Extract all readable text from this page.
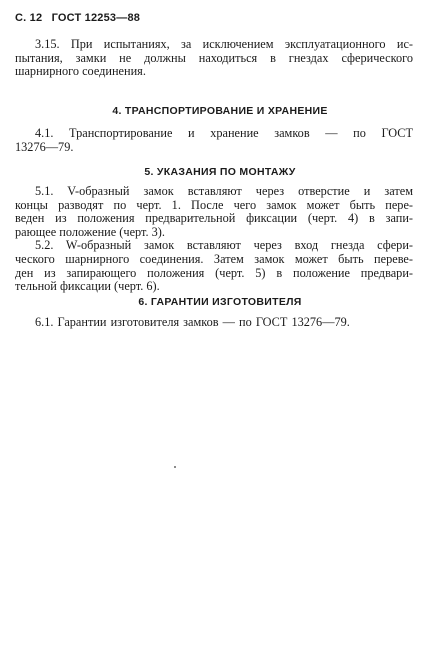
С. 12 ГОСТ 12253—88
3.15. При испытаниях, за исключением эксплуатационного ис-
пытания, замки не должны находиться в гнездах сферического
шарнирного соединения.
4. ТРАНСПОРТИРОВАНИЕ И ХРАНЕНИЕ
4.1. Транспортирование и хранение замков — по ГОСТ
13276—79.
5. УКАЗАНИЯ ПО МОНТАЖУ
5.1. V-образный замок вставляют через отверстие и затем
концы разводят по черт. 1. После чего замок может быть пере-
веден из положения предварительной фиксации (черт. 4) в запи-
рающее положение (черт. 3).
5.2. W-образный замок вставляют через вход гнезда сфери-
ческого шарнирного соединения. Затем замок может быть переве-
ден из запирающего положения (черт. 5) в положение предвари-
тельной фиксации (черт. 6).
6. ГАРАНТИИ ИЗГОТОВИТЕЛЯ
6.1. Гарантии изготовителя замков — по ГОСТ 13276—79.
